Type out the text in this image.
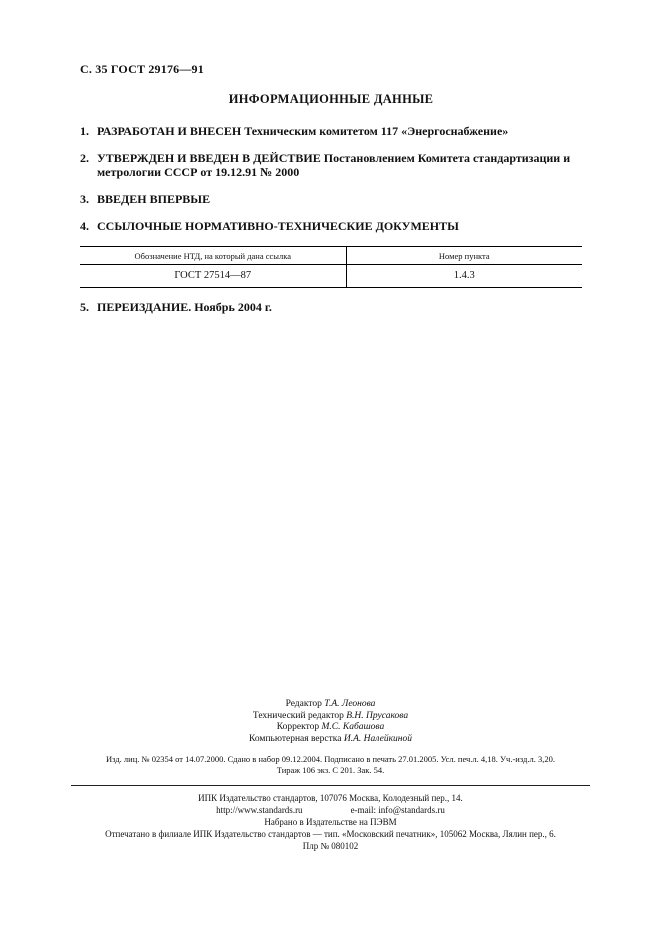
С. 35 ГОСТ 29176—91
ИНФОРМАЦИОННЫЕ ДАННЫЕ
1. РАЗРАБОТАН И ВНЕСЕН Техническим комитетом 117 «Энергоснабжение»
2. УТВЕРЖДЕН И ВВЕДЕН В ДЕЙСТВИЕ Постановлением Комитета стандартизации и метрологии СССР от 19.12.91 № 2000
3. ВВЕДЕН ВПЕРВЫЕ
4. ССЫЛОЧНЫЕ НОРМАТИВНО-ТЕХНИЧЕСКИЕ ДОКУМЕНТЫ
Обозначение НТД, на который дана ссылка	Номер пункта
ГОСТ 27514—87	1.4.3
5. ПЕРЕИЗДАНИЕ. Ноябрь 2004 г.
Редактор Т.А. Леонова
Технический редактор В.Н. Прусакова
Корректор М.С. Кабашова
Компьютерная верстка И.А. Налейкиной
Изд. лиц. № 02354 от 14.07.2000. Сдано в набор 09.12.2004. Подписано в печать 27.01.2005. Усл. печ.л. 4,18. Уч.-изд.л. 3,20.
Тираж 106 экз. С 201. Зак. 54.
ИПК Издательство стандартов, 107076 Москва, Колодезный пер., 14.
http://www.standards.ru	e-mail: info@standards.ru
Набрано в Издательстве на ПЭВМ
Отпечатано в филиале ИПК Издательство стандартов — тип. «Московский печатник», 105062 Москва, Лялин пер., 6.
Плр № 080102
